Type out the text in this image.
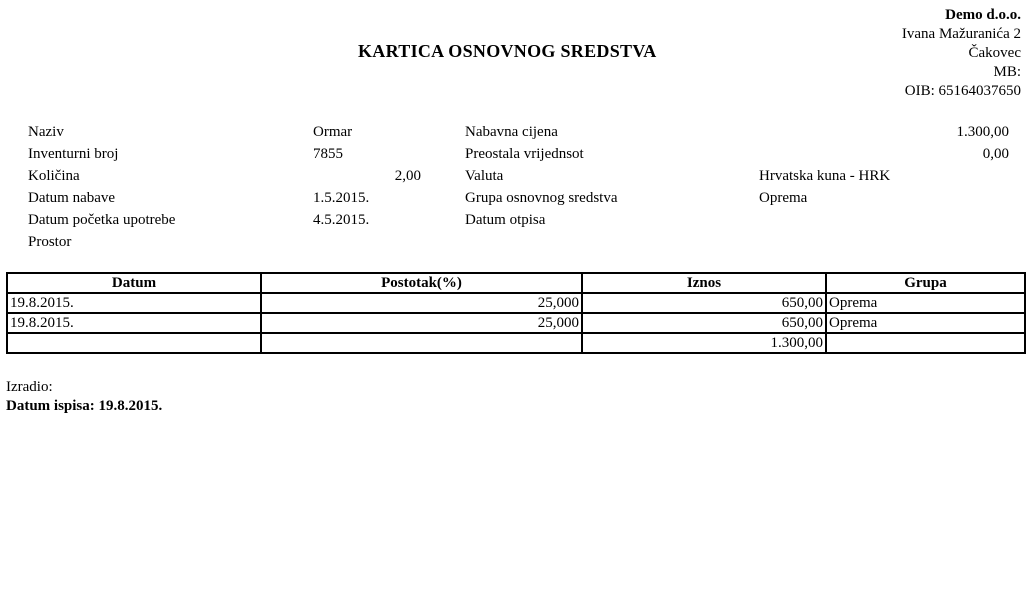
Demo d.o.o.
Ivana Mažuranića 2
Čakovec
MB:
OIB: 65164037650
KARTICA OSNOVNOG SREDSTVA
Naziv	Ormar	Nabavna cijena	1.300,00
Inventurni broj	7855	Preostala vrijednsot	0,00
Količina	2,00	Valuta	Hrvatska kuna - HRK
Datum nabave	1.5.2015.	Grupa osnovnog sredstva	Oprema
Datum početka upotrebe	4.5.2015.	Datum otpisa
Prostor
Datum	Postotak(%)	Iznos	Grupa
19.8.2015.	25,000	650,00	Oprema
19.8.2015.	25,000	650,00	Oprema
		1.300,00	
Izradio:
Datum ispisa: 19.8.2015.
